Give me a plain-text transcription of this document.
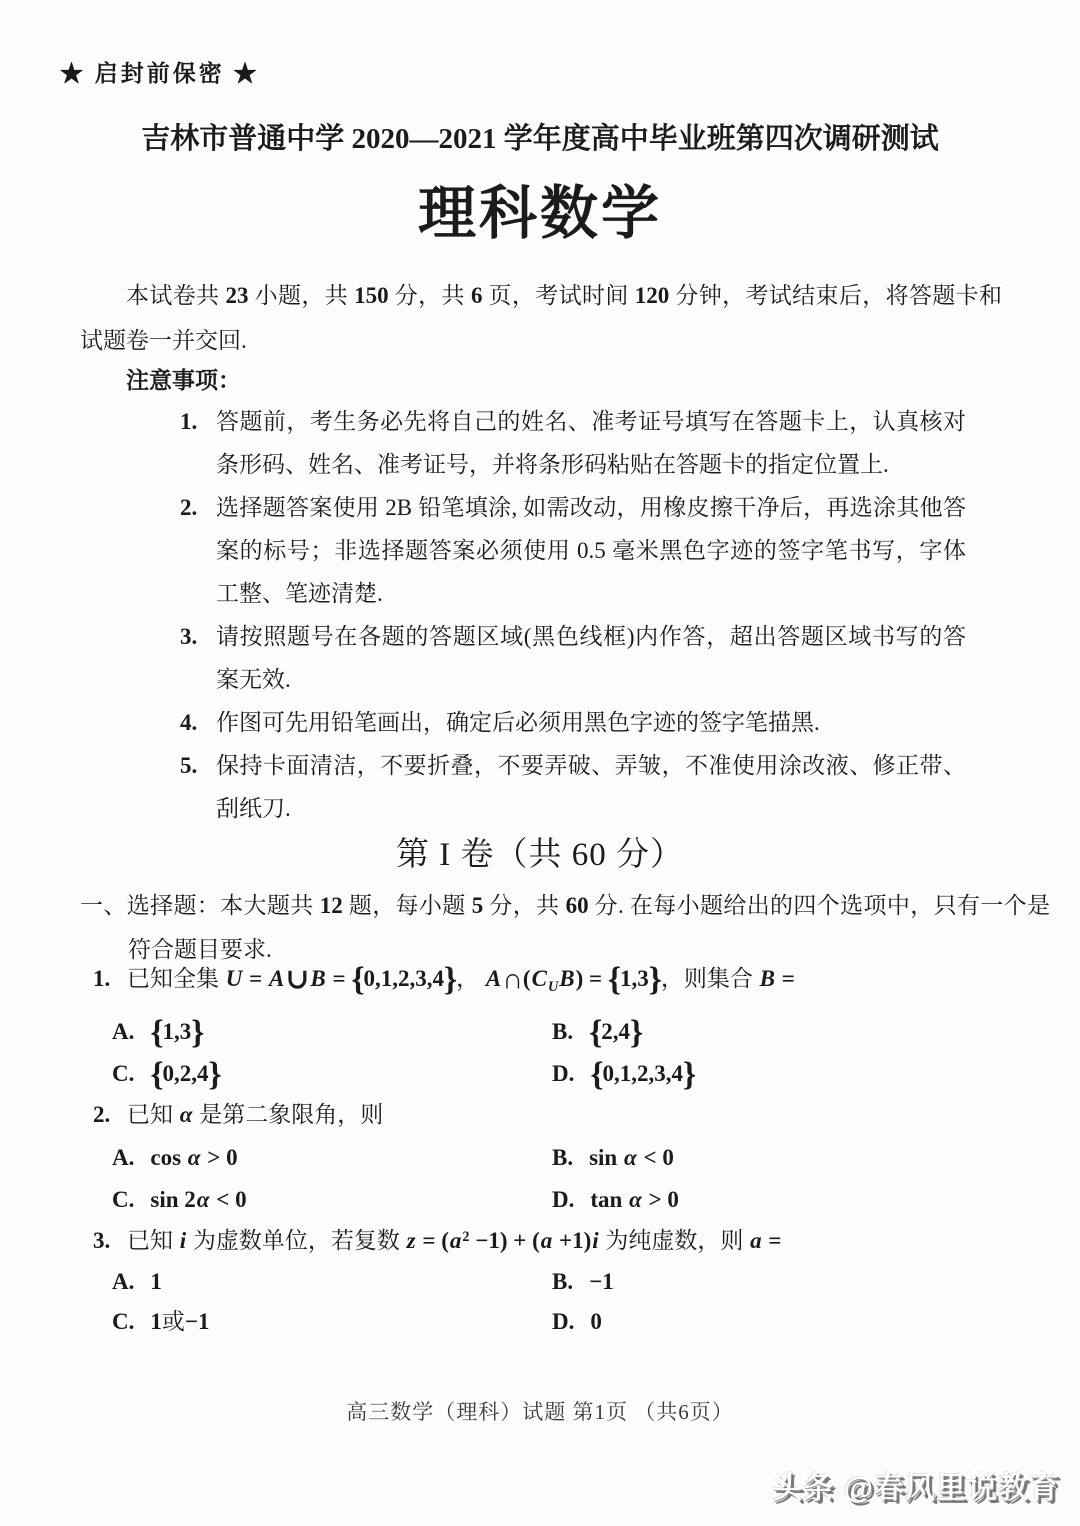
★ 启封前保密 ★
吉林市普通中学 2020—2021 学年度高中毕业班第四次调研测试
理科数学
本试卷共 23 小题，共 150 分，共 6 页，考试时间 120 分钟，考试结束后，将答题卡和试题卷一并交回.
注意事项：
1. 答题前，考生务必先将自己的姓名、准考证号填写在答题卡上，认真核对条形码、姓名、准考证号，并将条形码粘贴在答题卡的指定位置上.
2. 选择题答案使用 2B 铅笔填涂, 如需改动，用橡皮擦干净后，再选涂其他答案的标号；非选择题答案必须使用 0.5 毫米黑色字迹的签字笔书写，字体工整、笔迹清楚.
3. 请按照题号在各题的答题区域(黑色线框)内作答，超出答题区域书写的答案无效.
4. 作图可先用铅笔画出，确定后必须用黑色字迹的签字笔描黑.
5. 保持卡面清洁，不要折叠，不要弄破、弄皱，不准使用涂改液、修正带、刮纸刀.
第 I 卷（共 60 分）
一、选择题：本大题共 12 题，每小题 5 分，共 60 分. 在每小题给出的四个选项中，只有一个是符合题目要求.
1. 已知全集 U = A∪B = {0,1,2,3,4}， $A\cap(C_UB) = \{1,3\}$，则集合 B =
A. {1,3}	B. {2,4}
C. {0,2,4}	D. {0,1,2,3,4}
2. 已知 α 是第二象限角，则
A. cos α > 0	B. sin α < 0
C. sin 2α < 0	D. tan α > 0
3. 已知 i 为虚数单位，若复数 $z = (a^2 -1) + (a +1)i$ 为纯虚数，则 a =
A. 1	B. −1
C. 1或−1	D. 0
高三数学（理科）试题 第1页 （共6页）
头条 @春风里说教育
